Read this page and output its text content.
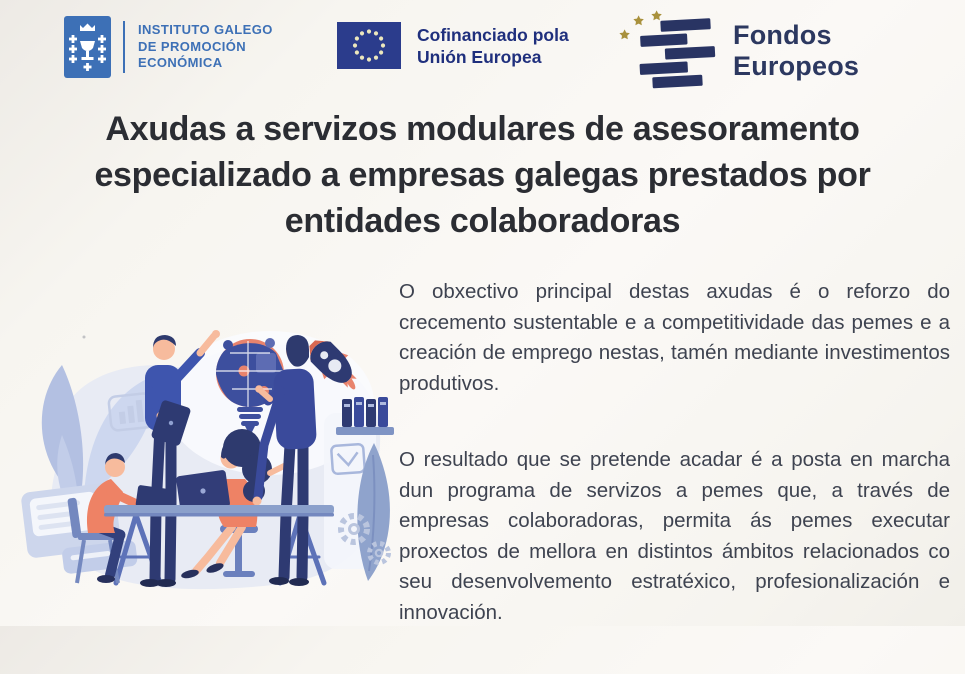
INSTITUTO GALEGO
DE PROMOCIÓN
ECONÓMICA
Cofinanciado pola
Unión Europea
Fondos Europeos
Axudas a servizos modulares de asesoramento
especializado a empresas galegas prestados por
entidades colaboradoras

O obxectivo principal destas axudas é o reforzo do crecemento sustentable e a competitividade das pemes e a creación de emprego nestas, tamén mediante investimentos produtivos.

O resultado que se pretende acadar é a posta en marcha dun programa de servizos a pemes que, a través de empresas colaboradoras, permita ás pemes executar proxectos de mellora en distintos ámbitos relacionados co seu desenvolvemento estratéxico, profesionalización e innovación.
